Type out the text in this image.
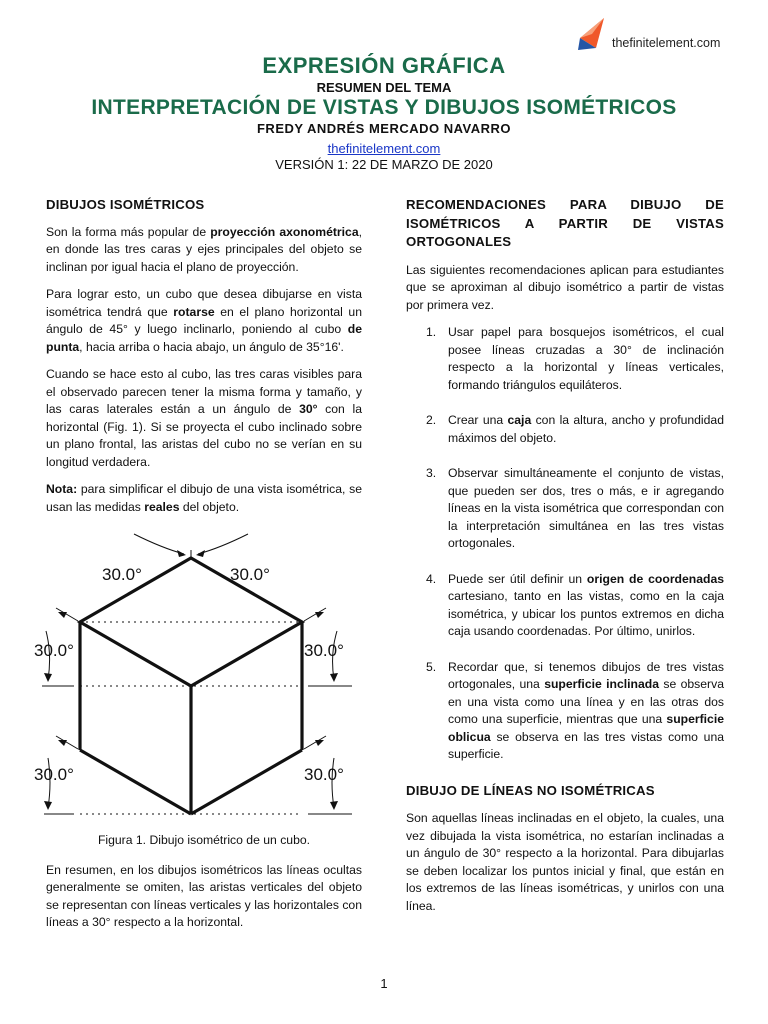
thefinitelement.com
EXPRESIÓN GRÁFICA
RESUMEN DEL TEMA
INTERPRETACIÓN DE VISTAS Y DIBUJOS ISOMÉTRICOS
FREDY ANDRÉS MERCADO NAVARRO
thefinitelement.com
VERSIÓN 1: 22 DE MARZO DE 2020
DIBUJOS ISOMÉTRICOS

Son la forma más popular de proyección axonométrica, en donde las tres caras y ejes principales del objeto se inclinan por igual hacia el plano de proyección.

Para lograr esto, un cubo que desea dibujarse en vista isométrica tendrá que rotarse en el plano horizontal un ángulo de 45° y luego inclinarlo, poniendo al cubo de punta, hacia arriba o hacia abajo, un ángulo de 35°16'.

Cuando se hace esto al cubo, las tres caras visibles para el observado parecen tener la misma forma y tamaño, y las caras laterales están a un ángulo de 30° con la horizontal (Fig. 1). Si se proyecta el cubo inclinado sobre un plano frontal, las aristas del cubo no se verían en su longitud verdadera.

Nota: para simplificar el dibujo de una vista isométrica, se usan las medidas reales del objeto.

30.0°	30.0°
30.0°	30.0°
30.0°	30.0°
Figura 1. Dibujo isométrico de un cubo.

En resumen, en los dibujos isométricos las líneas ocultas generalmente se omiten, las aristas verticales del objeto se representan con líneas verticales y las horizontales con líneas a 30° respecto a la horizontal.

RECOMENDACIONES PARA DIBUJO DE ISOMÉTRICOS A PARTIR DE VISTAS ORTOGONALES

Las siguientes recomendaciones aplican para estudiantes que se aproximan al dibujo isométrico a partir de vistas por primera vez.

1. Usar papel para bosquejos isométricos, el cual posee líneas cruzadas a 30° de inclinación respecto a la horizontal y líneas verticales, formando triángulos equiláteros.
2. Crear una caja con la altura, ancho y profundidad máximos del objeto.
3. Observar simultáneamente el conjunto de vistas, que pueden ser dos, tres o más, e ir agregando líneas en la vista isométrica que correspondan con la interpretación simultánea en las tres vistas ortogonales.
4. Puede ser útil definir un origen de coordenadas cartesiano, tanto en las vistas, como en la caja isométrica, y ubicar los puntos extremos en dicha caja usando coordenadas. Por último, unirlos.
5. Recordar que, si tenemos dibujos de tres vistas ortogonales, una superficie inclinada se observa en una vista como una línea y en las otras dos como una superficie, mientras que una superficie oblicua se observa en las tres vistas como una superficie.
DIBUJO DE LÍNEAS NO ISOMÉTRICAS

Son aquellas líneas inclinadas en el objeto, la cuales, una vez dibujada la vista isométrica, no estarían inclinadas a un ángulo de 30° respecto a la horizontal. Para dibujarlas se deben localizar los puntos inicial y final, que están en los extremos de las líneas isométricas, y unirlos con una línea.

1
